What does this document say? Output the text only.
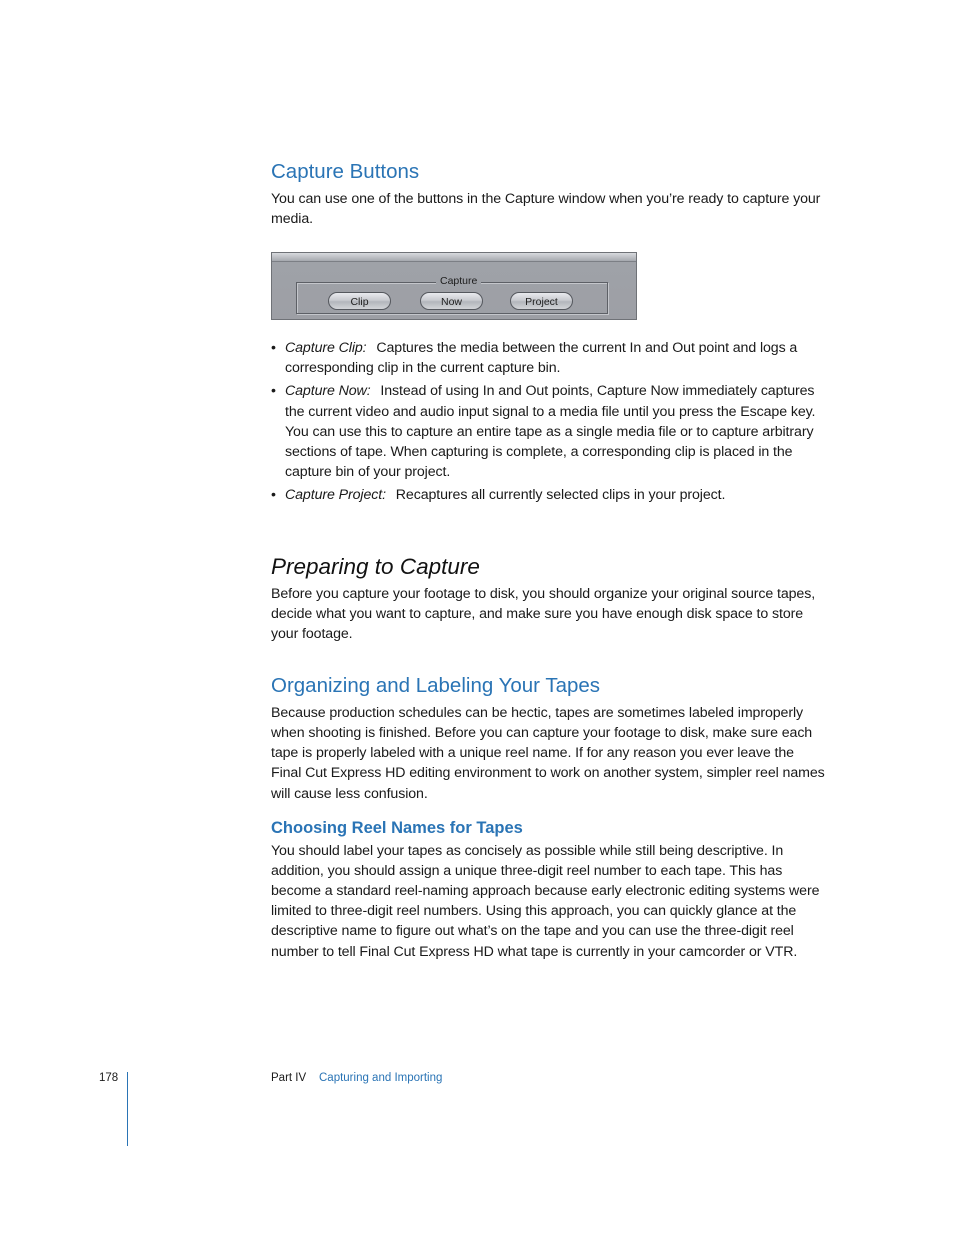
Capture Buttons

You can use one of the buttons in the Capture window when you’re ready to capture your media.

Capture
Clip	Now	Project
• Capture Clip: Captures the media between the current In and Out point and logs a corresponding clip in the current capture bin.
• Capture Now: Instead of using In and Out points, Capture Now immediately captures the current video and audio input signal to a media file until you press the Escape key. You can use this to capture an entire tape as a single media file or to capture arbitrary sections of tape. When capturing is complete, a corresponding clip is placed in the capture bin of your project.
• Capture Project: Recaptures all currently selected clips in your project.
Preparing to Capture

Before you capture your footage to disk, you should organize your original source tapes, decide what you want to capture, and make sure you have enough disk space to store your footage.

Organizing and Labeling Your Tapes

Because production schedules can be hectic, tapes are sometimes labeled improperly when shooting is finished. Before you can capture your footage to disk, make sure each tape is properly labeled with a unique reel name. If for any reason you ever leave the Final Cut Express HD editing environment to work on another system, simpler reel names will cause less confusion.

Choosing Reel Names for Tapes

You should label your tapes as concisely as possible while still being descriptive. In addition, you should assign a unique three-digit reel number to each tape. This has become a standard reel-naming approach because early electronic editing systems were limited to three-digit reel numbers. Using this approach, you can quickly glance at the descriptive name to figure out what’s on the tape and you can use the three-digit reel number to tell Final Cut Express HD what tape is currently in your camcorder or VTR.

178	Part IV Capturing and Importing
